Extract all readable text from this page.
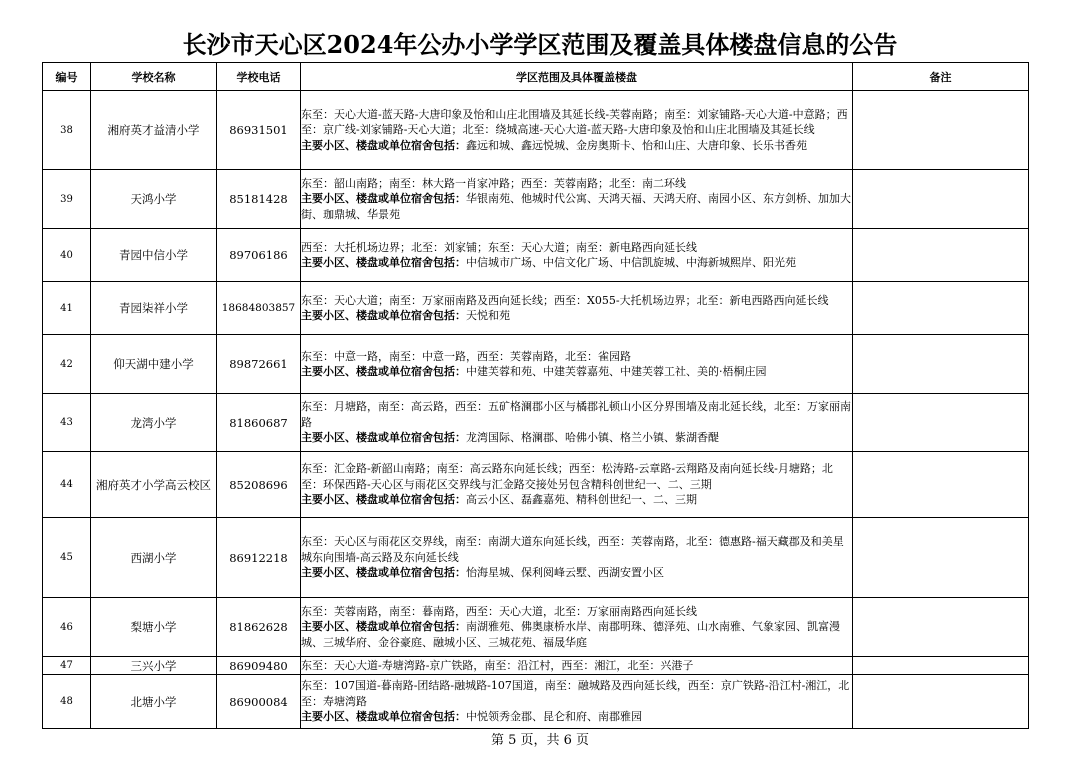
长沙市天心区2024年公办小学学区范围及覆盖具体楼盘信息的公告
编号	学校名称	学校电话	学区范围及具体覆盖楼盘	备注
38	湘府英才益清小学	86931501	东至：天心大道-蓝天路-大唐印象及怡和山庄北围墙及其延长线-芙蓉南路；南至：刘家铺路-天心大道-中意路；西至：京广线-刘家铺路-天心大道；北至：绕城高速-天心大道-蓝天路-大唐印象及怡和山庄北围墙及其延长线
主要小区、楼盘或单位宿舍包括：鑫远和城、鑫远悦城、金房奥斯卡、怡和山庄、大唐印象、长乐书香苑	
39	天鸿小学	85181428	东至：韶山南路；南至：林大路一肖家冲路；西至：芙蓉南路；北至：南二环线
主要小区、楼盘或单位宿舍包括：华银南苑、他城时代公寓、天鸿天福、天鸿天府、南园小区、东方剑桥、加加大街、珈鼎城、华景苑	
40	青园中信小学	89706186	西至：大托机场边界；北至：刘家铺；东至：天心大道；南至：新电路西向延长线
主要小区、楼盘或单位宿舍包括：中信城市广场、中信文化广场、中信凯旋城、中海新城熙岸、阳光苑	
41	青园柒祥小学	18684803857	东至：天心大道；南至：万家丽南路及西向延长线；西至：X055-大托机场边界；北至：新电西路西向延长线
主要小区、楼盘或单位宿舍包括：天悦和苑	
42	仰天湖中建小学	89872661	东至：中意一路，南至：中意一路，西至：芙蓉南路，北至：雀园路
主要小区、楼盘或单位宿舍包括：中建芙蓉和苑、中建芙蓉嘉苑、中建芙蓉工社、美的·梧桐庄园	
43	龙湾小学	81860687	东至：月塘路，南至：高云路，西至：五矿格澜郡小区与橘郡礼顿山小区分界围墙及南北延长线，北至：万家丽南路
主要小区、楼盘或单位宿舍包括：龙湾国际、格澜郡、哈佛小镇、格兰小镇、紫湖香醍	
44	湘府英才小学高云校区	85208696	东至：汇金路-新韶山南路；南至：高云路东向延长线；西至：松涛路-云章路-云翔路及南向延长线-月塘路；北至：环保西路-天心区与雨花区交界线与汇金路交接处另包含精科创世纪一、二、三期
主要小区、楼盘或单位宿舍包括：高云小区、磊鑫嘉苑、精科创世纪一、二、三期	
45	西湖小学	86912218	东至：天心区与雨花区交界线，南至：南湖大道东向延长线，西至：芙蓉南路，北至：德惠路-福天藏郡及和美星城东向围墙-高云路及东向延长线
主要小区、楼盘或单位宿舍包括：怡海星城、保利阅峰云墅、西湖安置小区	
46	梨塘小学	81862628	东至：芙蓉南路，南至：暮南路，西至：天心大道，北至：万家丽南路西向延长线
主要小区、楼盘或单位宿舍包括：南湖雅苑、佛奥康桥水岸、南郡明珠、德泽苑、山水南雅、气象家园、凯富漫城、三城华府、金谷豪庭、融城小区、三城花苑、福晟华庭	
47	三兴小学	86909480	东至：天心大道-寿塘湾路-京广铁路，南至：沿江村，西至：湘江，北至：兴港子	
48	北塘小学	86900084	东至：107国道-暮南路-团结路-融城路-107国道，南至：融城路及西向延长线，西至：京广铁路-沿江村-湘江，北至：寿塘湾路
主要小区、楼盘或单位宿舍包括：中悦领秀金郡、昆仑和府、南郡雅园	
第 5 页，共 6 页
